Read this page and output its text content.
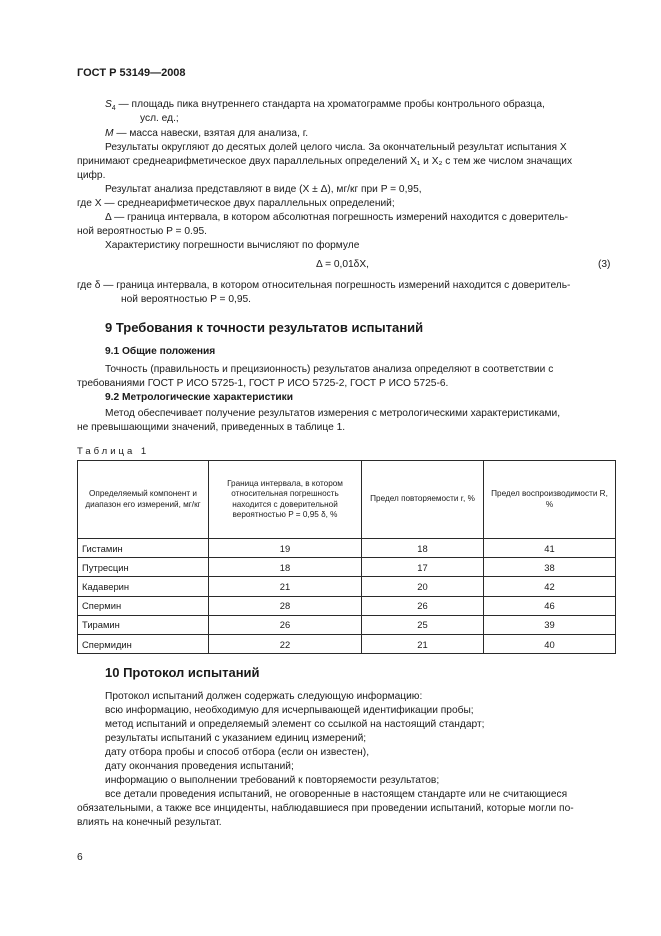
ГОСТ Р 53149—2008
$S_4$ — площадь пика внутреннего стандарта на хроматограмме пробы контрольного образца,
усл. ед.;
M — масса навески, взятая для анализа, г.
Результаты округляют до десятых долей целого числа. За окончательный результат испытания X
принимают среднеарифметическое двух параллельных определений X₁ и X₂ с тем же числом значащих
цифр.
Результат анализа представляют в виде (X ± Δ), мг/кг при P = 0,95,
где X — среднеарифметическое двух параллельных определений;
Δ — граница интервала, в котором абсолютная погрешность измерений находится с доверитель-
ной вероятностью P = 0.95.
Характеристику погрешности вычисляют по формуле
Δ = 0,01δX,	(3)
где δ — граница интервала, в котором относительная погрешность измерений находится с доверитель-
ной вероятностью P = 0,95.
9 Требования к точности результатов испытаний
9.1 Общие положения
Точность (правильность и прецизионность) результатов анализа определяют в соответствии с
требованиями ГОСТ Р ИСО 5725-1, ГОСТ Р ИСО 5725-2, ГОСТ Р ИСО 5725-6.
9.2 Метрологические характеристики
Метод обеспечивает получение результатов измерения с метрологическими характеристиками,
не превышающими значений, приведенных в таблице 1.
Таблица 1
Определяемый компонент и диапазон его измерений, мг/кг	Граница интервала, в котором относительная погрешность находится с доверительной вероятностью P = 0,95 δ, %	Предел повторяемости r, %	Предел воспроизводимости R, %
Гистамин	19	18	41
Путресцин	18	17	38
Кадаверин	21	20	42
Спермин	28	26	46
Тирамин	26	25	39
Спермидин	22	21	40
10 Протокол испытаний
Протокол испытаний должен содержать следующую информацию:
всю информацию, необходимую для исчерпывающей идентификации пробы;
метод испытаний и определяемый элемент со ссылкой на настоящий стандарт;
результаты испытаний с указанием единиц измерений;
дату отбора пробы и способ отбора (если он известен),
дату окончания проведения испытаний;
информацию о выполнении требований к повторяемости результатов;
все детали проведения испытаний, не оговоренные в настоящем стандарте или не считающиеся
обязательными, а также все инциденты, наблюдавшиеся при проведении испытаний, которые могли по-
влиять на конечный результат.
6
